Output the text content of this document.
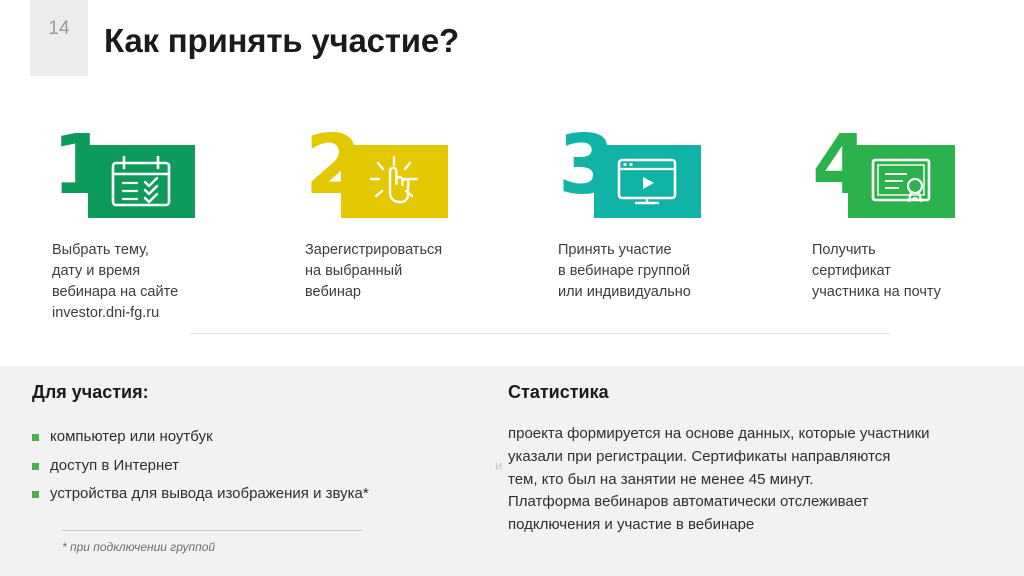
14 Как принять участие?
1
Выбрать тему,
дату и время
вебинара на сайте
investor.dni-fg.ru
2
Зарегистрироваться
на выбранный
вебинар
3
Принять участие
в вебинаре группой
или индивидуально
4
Получить
сертификат
участника на почту
Для участия:
компьютер или ноутбук
доступ в Интернет
устройства для вывода изображения и звука*
* при подключении группой
Статистика
проекта формируется на основе данных, которые участники
указали при регистрации. Сертификаты направляются
тем, кто был на занятии не менее 45 минут.
Платформа вебинаров автоматически отслеживает
подключения и участие в вебинаре
и
